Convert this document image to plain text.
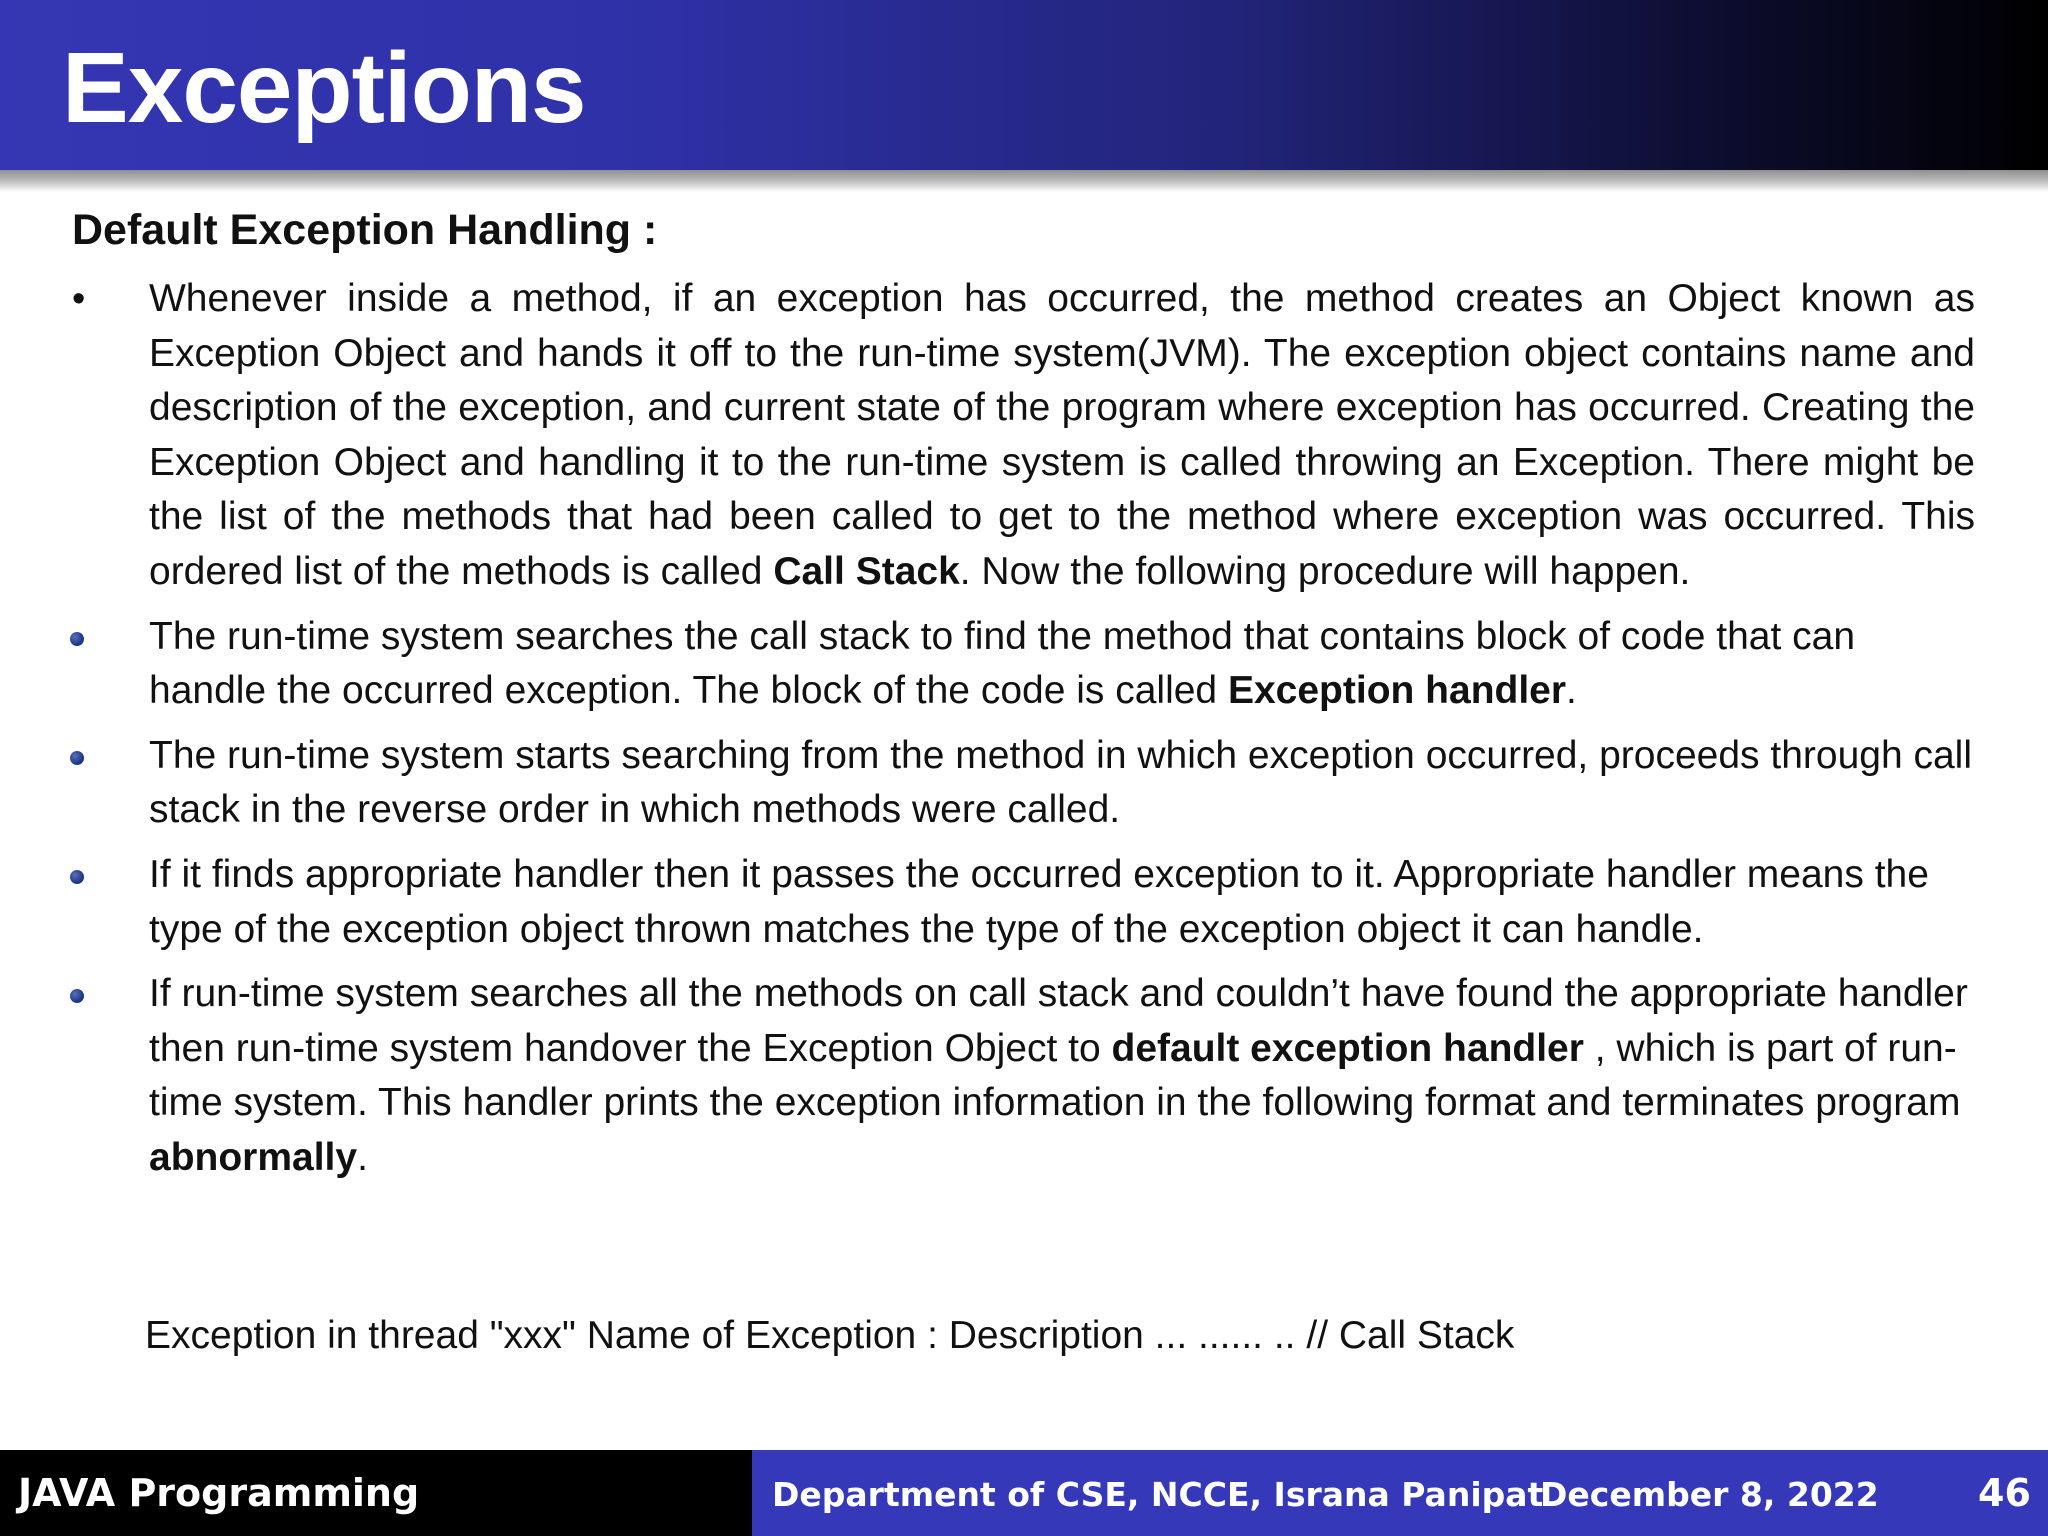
Exceptions
Default Exception Handling :
• Whenever inside a method, if an exception has occurred, the method creates an Object known as Exception Object and hands it off to the run-time system(JVM). The exception object contains name and description of the exception, and current state of the program where exception has occurred. Creating the Exception Object and handling it to the run-time system is called throwing an Exception. There might be the list of the methods that had been called to get to the method where exception was occurred. This ordered list of the methods is called Call Stack. Now the following procedure will happen.
The run-time system searches the call stack to find the method that contains block of code that can handle the occurred exception. The block of the code is called Exception handler.
The run-time system starts searching from the method in which exception occurred, proceeds through call stack in the reverse order in which methods were called.
If it finds appropriate handler then it passes the occurred exception to it. Appropriate handler means the type of the exception object thrown matches the type of the exception object it can handle.
If run-time system searches all the methods on call stack and couldn’t have found the appropriate handler then run-time system handover the Exception Object to default exception handler , which is part of run-time system. This handler prints the exception information in the following format and terminates program abnormally.
Exception in thread "xxx" Name of Exception : Description ... ...... .. // Call Stack
JAVA Programming	Department of CSE, NCCE, Israna Panipat
December 8, 2022	46
